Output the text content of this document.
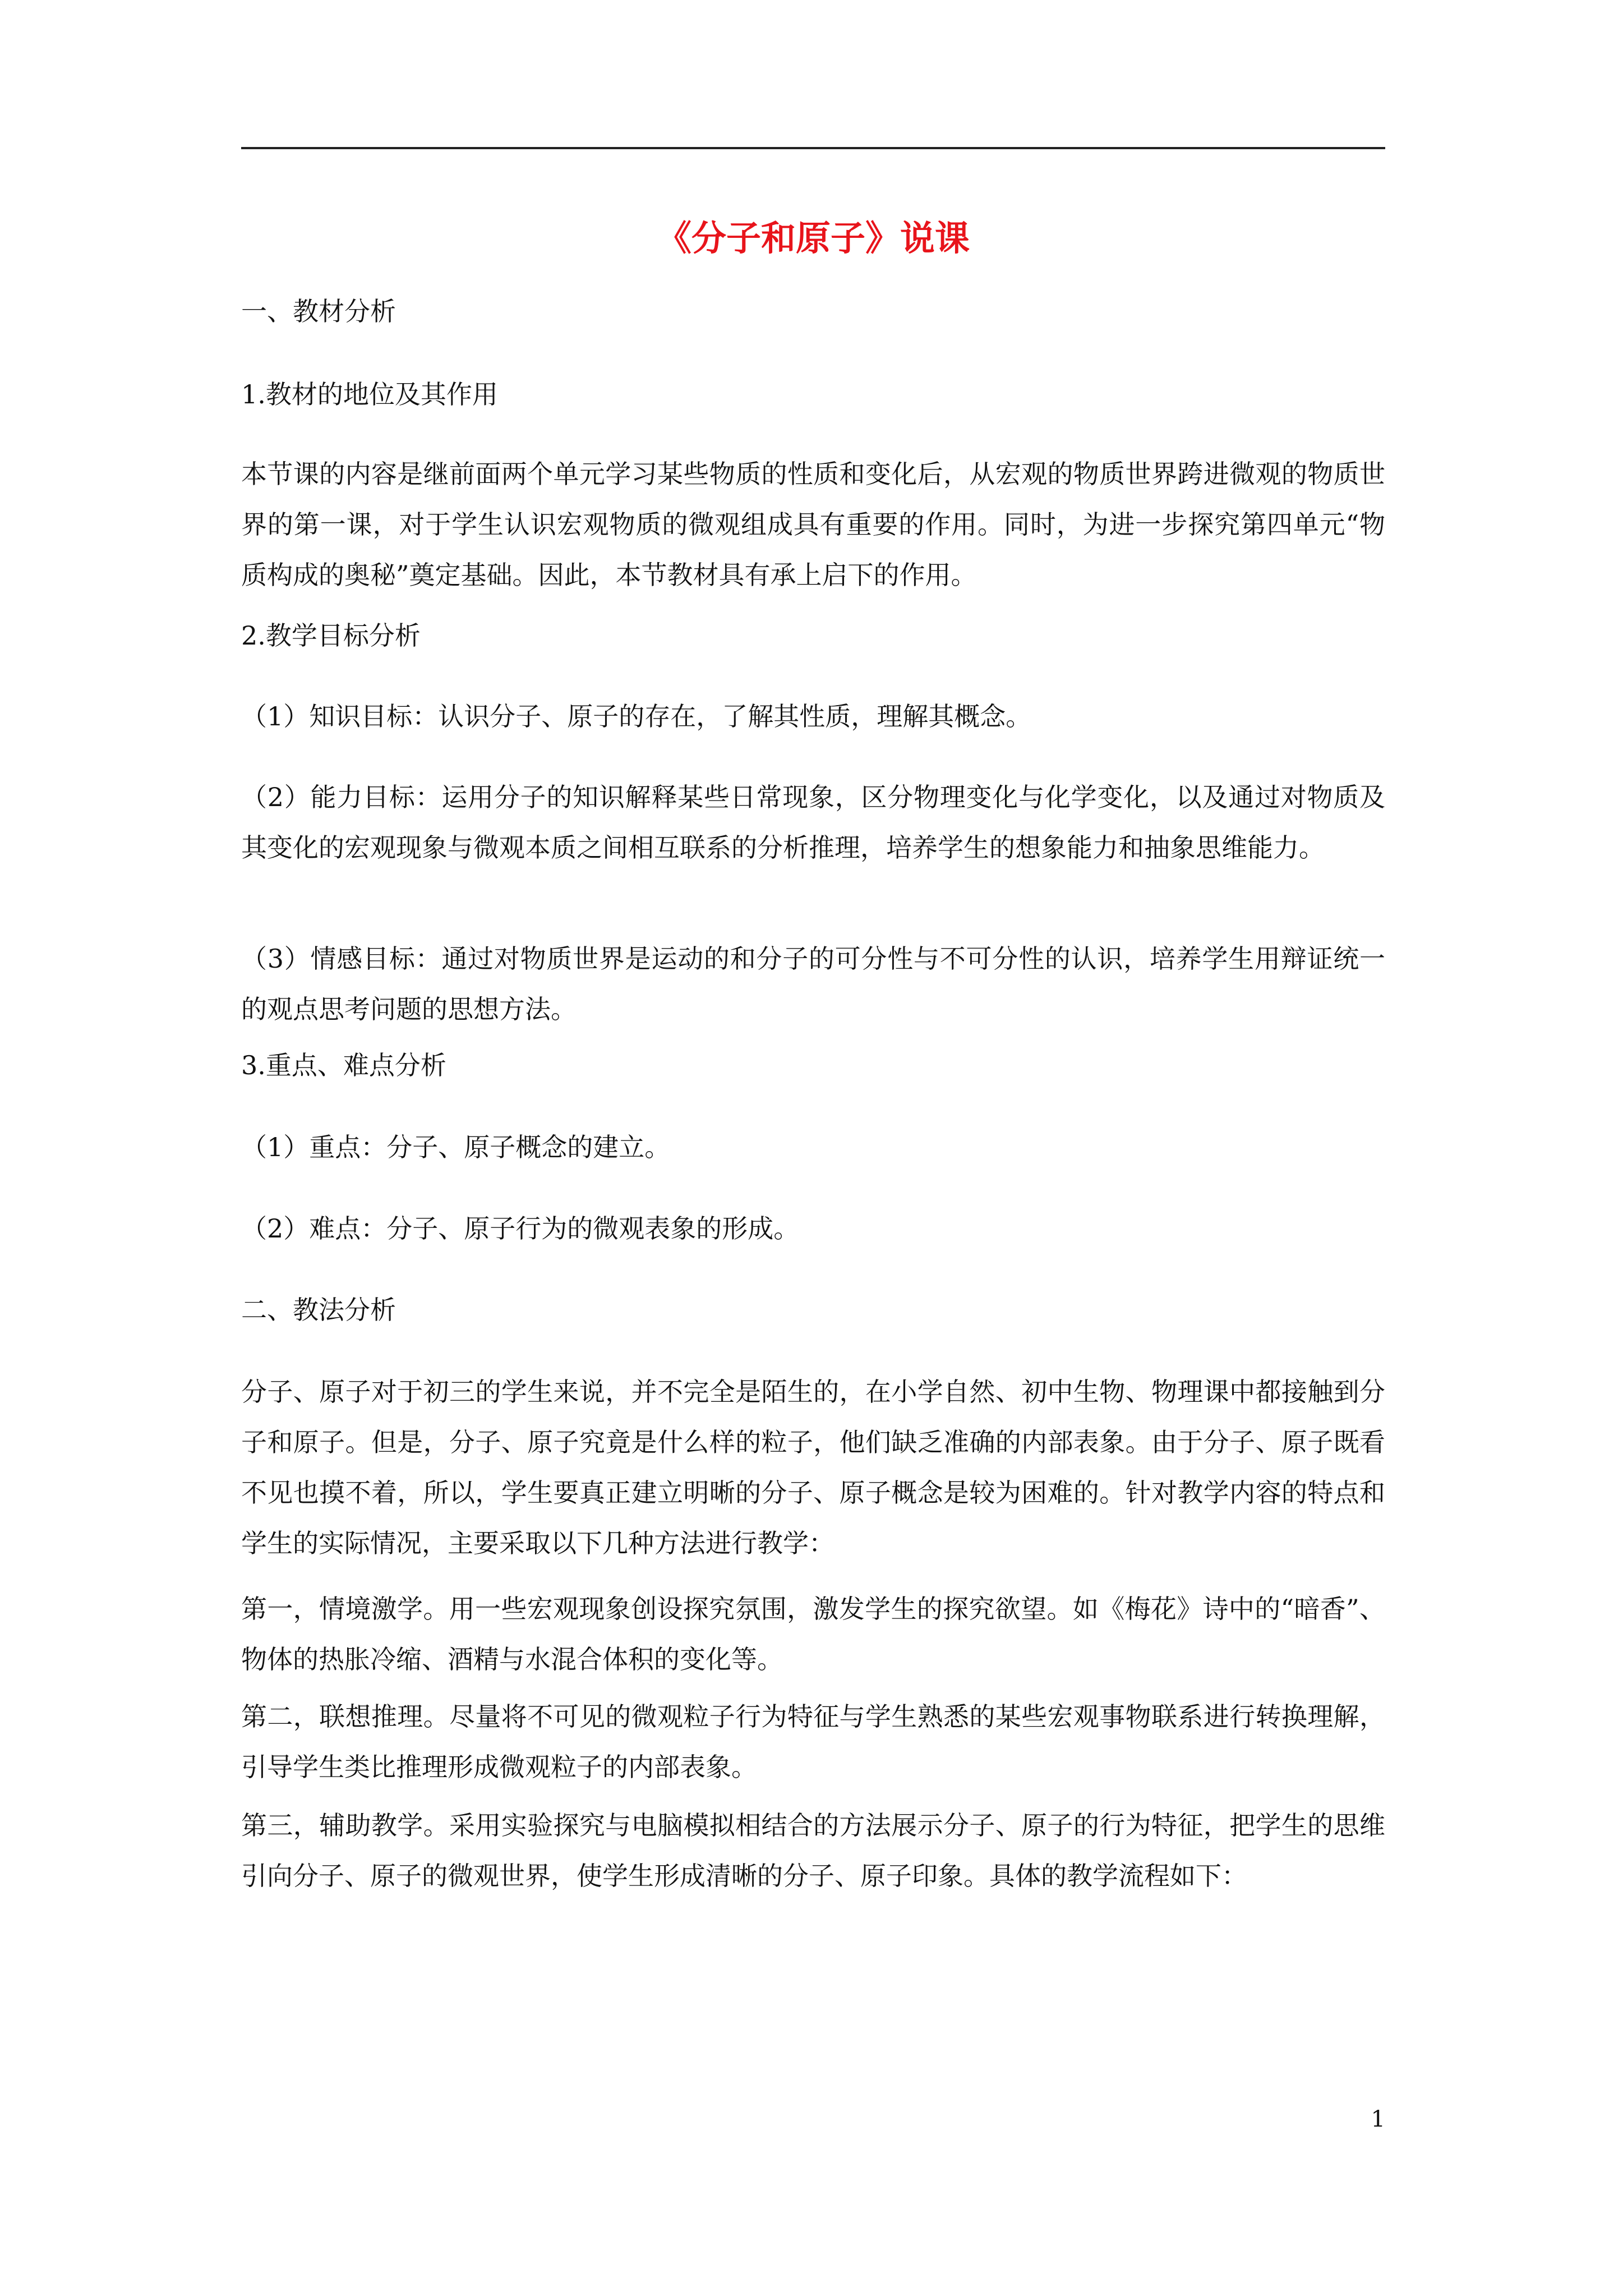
《分子和原子》说课

一、教材分析

1.教材的地位及其作用

本节课的内容是继前面两个单元学习某些物质的性质和变化后，从宏观的物质世界跨进微观的物质世界的第一课，对于学生认识宏观物质的微观组成具有重要的作用。同时，为进一步探究第四单元“物质构成的奥秘”奠定基础。因此，本节教材具有承上启下的作用。

2.教学目标分析

（1）知识目标：认识分子、原子的存在，了解其性质，理解其概念。

（2）能力目标：运用分子的知识解释某些日常现象，区分物理变化与化学变化，以及通过对物质及其变化的宏观现象与微观本质之间相互联系的分析推理，培养学生的想象能力和抽象思维能力。

（3）情感目标：通过对物质世界是运动的和分子的可分性与不可分性的认识，培养学生用辩证统一的观点思考问题的思想方法。

3.重点、难点分析

（1）重点：分子、原子概念的建立。

（2）难点：分子、原子行为的微观表象的形成。

二、教法分析

分子、原子对于初三的学生来说，并不完全是陌生的，在小学自然、初中生物、物理课中都接触到分子和原子。但是，分子、原子究竟是什么样的粒子，他们缺乏准确的内部表象。由于分子、原子既看不见也摸不着，所以，学生要真正建立明晰的分子、原子概念是较为困难的。针对教学内容的特点和学生的实际情况，主要采取以下几种方法进行教学：

第一，情境激学。用一些宏观现象创设探究氛围，激发学生的探究欲望。如《梅花》诗中的“暗香”、物体的热胀冷缩、酒精与水混合体积的变化等。

第二，联想推理。尽量将不可见的微观粒子行为特征与学生熟悉的某些宏观事物联系进行转换理解，引导学生类比推理形成微观粒子的内部表象。

第三，辅助教学。采用实验探究与电脑模拟相结合的方法展示分子、原子的行为特征，把学生的思维引向分子、原子的微观世界，使学生形成清晰的分子、原子印象。具体的教学流程如下：

1
